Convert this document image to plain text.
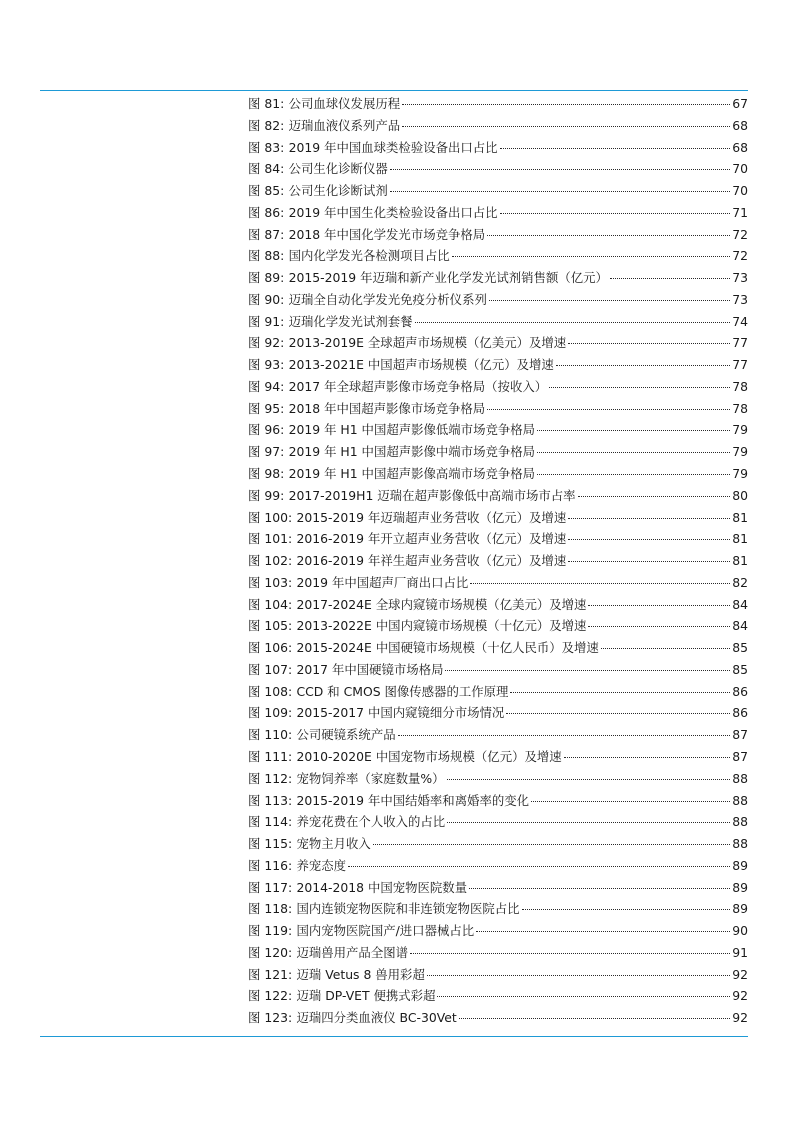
图 81: 公司血球仪发展历程	67
图 82: 迈瑞血液仪系列产品	68
图 83: 2019 年中国血球类检验设备出口占比	68
图 84: 公司生化诊断仪器	70
图 85: 公司生化诊断试剂	70
图 86: 2019 年中国生化类检验设备出口占比	71
图 87: 2018 年中国化学发光市场竞争格局	72
图 88: 国内化学发光各检测项目占比	72
图 89: 2015-2019 年迈瑞和新产业化学发光试剂销售额（亿元）	73
图 90: 迈瑞全自动化学发光免疫分析仪系列	73
图 91: 迈瑞化学发光试剂套餐	74
图 92: 2013-2019E 全球超声市场规模（亿美元）及增速	77
图 93: 2013-2021E 中国超声市场规模（亿元）及增速	77
图 94: 2017 年全球超声影像市场竞争格局（按收入）	78
图 95: 2018 年中国超声影像市场竞争格局	78
图 96: 2019 年 H1 中国超声影像低端市场竞争格局	79
图 97: 2019 年 H1 中国超声影像中端市场竞争格局	79
图 98: 2019 年 H1 中国超声影像高端市场竞争格局	79
图 99: 2017-2019H1 迈瑞在超声影像低中高端市场市占率	80
图 100: 2015-2019 年迈瑞超声业务营收（亿元）及增速	81
图 101: 2016-2019 年开立超声业务营收（亿元）及增速	81
图 102: 2016-2019 年祥生超声业务营收（亿元）及增速	81
图 103: 2019 年中国超声厂商出口占比	82
图 104: 2017-2024E 全球内窥镜市场规模（亿美元）及增速	84
图 105: 2013-2022E 中国内窥镜市场规模（十亿元）及增速	84
图 106: 2015-2024E 中国硬镜市场规模（十亿人民币）及增速	85
图 107: 2017 年中国硬镜市场格局	85
图 108: CCD 和 CMOS 图像传感器的工作原理	86
图 109: 2015-2017 中国内窥镜细分市场情况	86
图 110: 公司硬镜系统产品	87
图 111: 2010-2020E 中国宠物市场规模（亿元）及增速	87
图 112: 宠物饲养率（家庭数量%）	88
图 113: 2015-2019 年中国结婚率和离婚率的变化	88
图 114: 养宠花费在个人收入的占比	88
图 115: 宠物主月收入	88
图 116: 养宠态度	89
图 117: 2014-2018 中国宠物医院数量	89
图 118: 国内连锁宠物医院和非连锁宠物医院占比	89
图 119: 国内宠物医院国产/进口器械占比	90
图 120: 迈瑞兽用产品全图谱	91
图 121: 迈瑞 Vetus 8 兽用彩超	92
图 122: 迈瑞 DP-VET 便携式彩超	92
图 123: 迈瑞四分类血液仪 BC-30Vet	92
